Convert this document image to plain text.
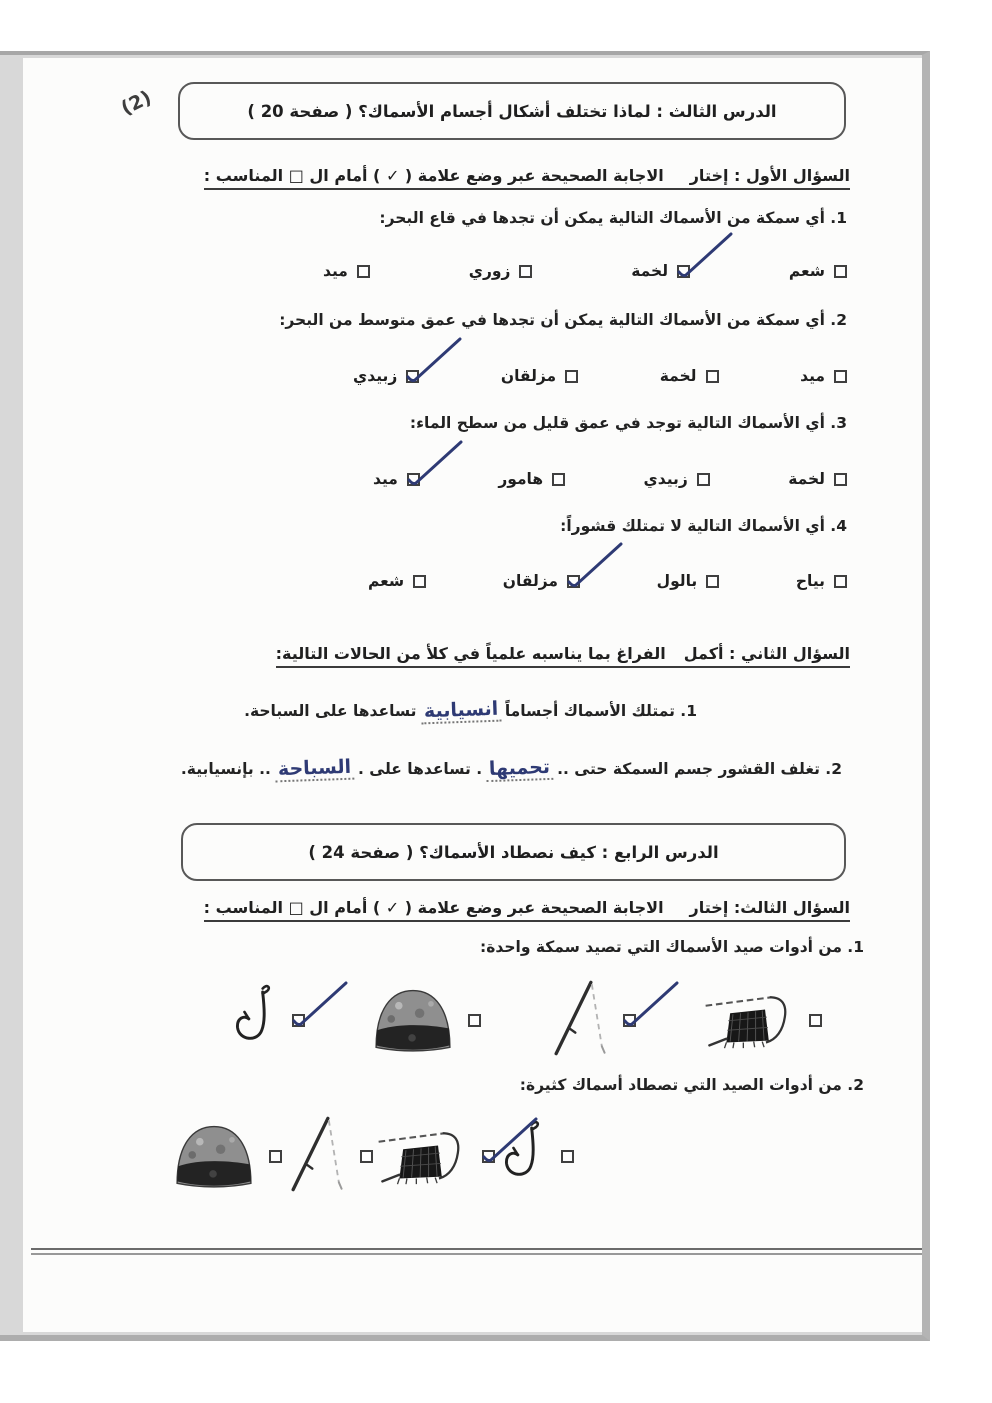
(2)
الدرس الثالث : لماذا تختلف أشكال أجسام الأسماك؟ ( صفحة 20 )
السؤال الأول : إختارالاجابة الصحيحة عبر وضع علامة ( ✓ ) أمام ال □ المناسب :
1. أي سمكة من الأسماك التالية يمكن أن تجدها في قاع البحر:
شعم
لخمة
زوري
ميد
2. أي سمكة من الأسماك التالية يمكن أن تجدها في عمق متوسط من البحر:
ميد
لخمة
مزلقان
زبيدي
3. أي الأسماك التالية توجد في عمق قليل من سطح الماء:
لخمة
زبيدي
هامور
ميد
4. أي الأسماك التالية لا تمتلك قشوراً:
بياح
بالول
مزلقان
شعم
السؤال الثاني : أكملالفراغ بما يناسبه علمياً في كلأ من الحالات التالية:
1. تمتلك الأسماك أجساماًانسيابيةتساعدها على السباحة.
2. تغلف القشور جسم السمكة حتى ..تحميها. تساعدها على .السباحة.. بإنسيابية.
الدرس الرابع : كيف نصطاد الأسماك؟ ( صفحة 24 )
السؤال الثالث: إختارالاجابة الصحيحة عبر وضع علامة ( ✓ ) أمام ال □ المناسب :
1. من أدوات صيد الأسماك التي تصيد سمكة واحدة:
2. من أدوات الصيد التي تصطاد أسماك كثيرة:
